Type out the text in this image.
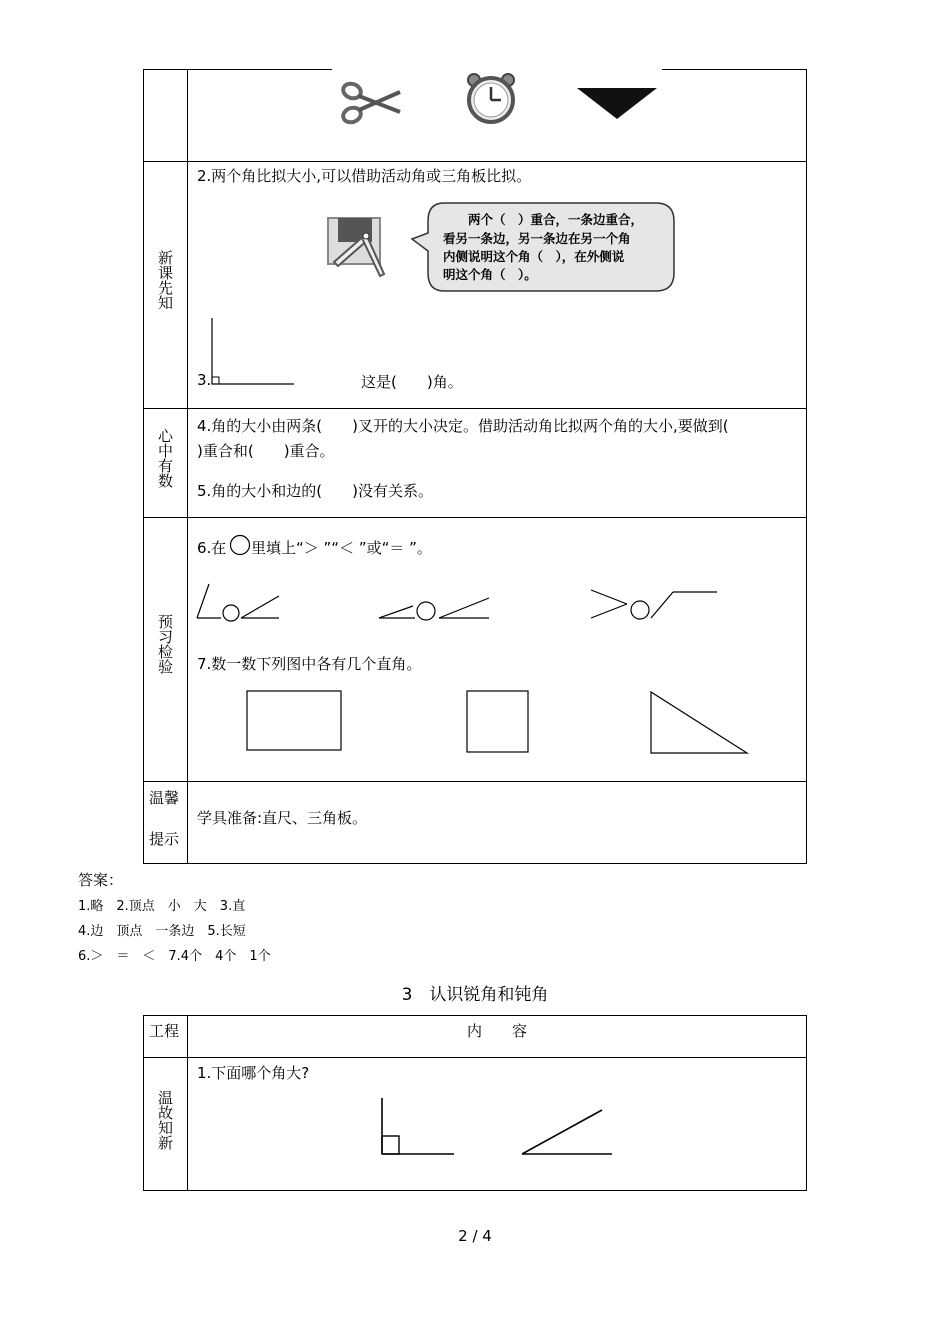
新课先知
2.两个角比拟大小,可以借助活动角或三角板比拟。
两个（　）重合，一条边重合，
看另一条边，另一条边在另一个角
内侧说明这个角（　），在外侧说
明这个角（　）。
3.	这是(　　)角。
心中有数
4.角的大小由两条(　　)叉开的大小决定。借助活动角比拟两个角的大小,要做到(
)重合和(　　)重合。
5.角的大小和边的(　　)没有关系。
预习检验
6.在 里填上“＞ ”“＜ ”或“＝ ”。
7.数一数下列图中各有几个直角。
温馨
提示
学具准备:直尺、三角板。
答案：
1.略　2.顶点　小　大　3.直
4.边　顶点　一条边　5.长短
6.＞　＝　＜　7.4个　4个　1个
3　认识锐角和钝角
工程	内　　容
温故知新
1.下面哪个角大?
2 / 4
